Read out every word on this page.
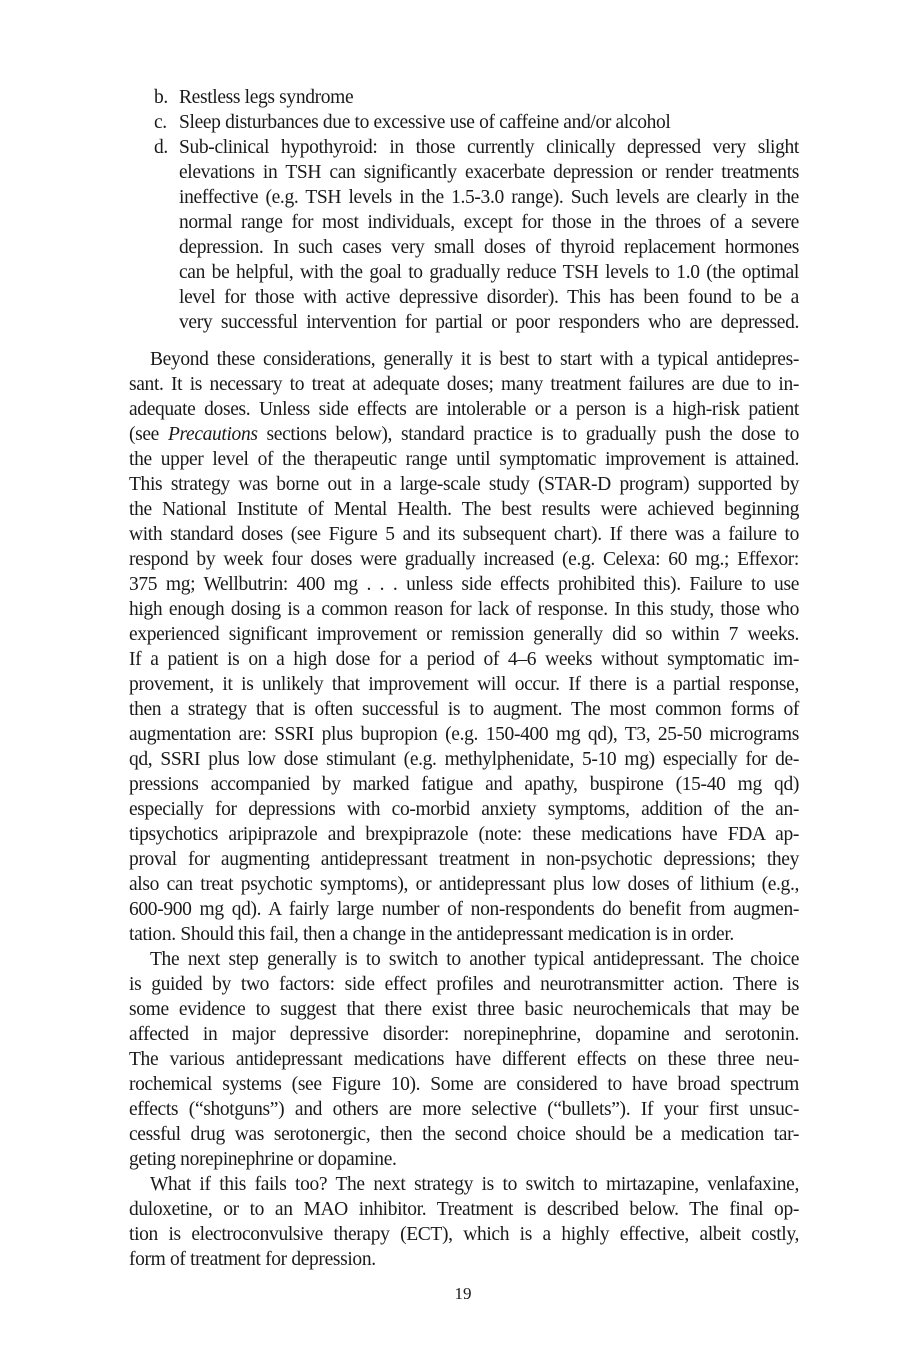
b. Restless legs syndrome
c. Sleep disturbances due to excessive use of caffeine and/or alcohol
d. Sub-clinical hypothyroid: in those currently clinically depressed very slight
elevations in TSH can significantly exacerbate depression or render treatments
ineffective (e.g. TSH levels in the 1.5-3.0 range). Such levels are clearly in the
normal range for most individuals, except for those in the throes of a severe
depression. In such cases very small doses of thyroid replacement hormones
can be helpful, with the goal to gradually reduce TSH levels to 1.0 (the optimal
level for those with active depressive disorder). This has been found to be a
very successful intervention for partial or poor responders who are depressed.
Beyond these considerations, generally it is best to start with a typical antidepres-
sant. It is necessary to treat at adequate doses; many treatment failures are due to in-
adequate doses. Unless side effects are intolerable or a person is a high-risk patient
(see Precautions sections below), standard practice is to gradually push the dose to
the upper level of the therapeutic range until symptomatic improvement is attained.
This strategy was borne out in a large-scale study (STAR-D program) supported by
the National Institute of Mental Health. The best results were achieved beginning
with standard doses (see Figure 5 and its subsequent chart). If there was a failure to
respond by week four doses were gradually increased (e.g. Celexa: 60 mg.; Effexor:
375 mg; Wellbutrin: 400 mg . . . unless side effects prohibited this). Failure to use
high enough dosing is a common reason for lack of response. In this study, those who
experienced significant improvement or remission generally did so within 7 weeks.
If a patient is on a high dose for a period of 4–6 weeks without symptomatic im-
provement, it is unlikely that improvement will occur. If there is a partial response,
then a strategy that is often successful is to augment. The most common forms of
augmentation are: SSRI plus bupropion (e.g. 150-400 mg qd), T3, 25-50 micrograms
qd, SSRI plus low dose stimulant (e.g. methylphenidate, 5-10 mg) especially for de-
pressions accompanied by marked fatigue and apathy, buspirone (15-40 mg qd)
especially for depressions with co-morbid anxiety symptoms, addition of the an-
tipsychotics aripiprazole and brexpiprazole (note: these medications have FDA ap-
proval for augmenting antidepressant treatment in non-psychotic depressions; they
also can treat psychotic symptoms), or antidepressant plus low doses of lithium (e.g.,
600-900 mg qd). A fairly large number of non-respondents do benefit from augmen-
tation. Should this fail, then a change in the antidepressant medication is in order.
The next step generally is to switch to another typical antidepressant. The choice
is guided by two factors: side effect profiles and neurotransmitter action. There is
some evidence to suggest that there exist three basic neurochemicals that may be
affected in major depressive disorder: norepinephrine, dopamine and serotonin.
The various antidepressant medications have different effects on these three neu-
rochemical systems (see Figure 10). Some are considered to have broad spectrum
effects (“shotguns”) and others are more selective (“bullets”). If your first unsuc-
cessful drug was serotonergic, then the second choice should be a medication tar-
geting norepinephrine or dopamine.
What if this fails too? The next strategy is to switch to mirtazapine, venlafaxine,
duloxetine, or to an MAO inhibitor. Treatment is described below. The final op-
tion is electroconvulsive therapy (ECT), which is a highly effective, albeit costly,
form of treatment for depression.
19
